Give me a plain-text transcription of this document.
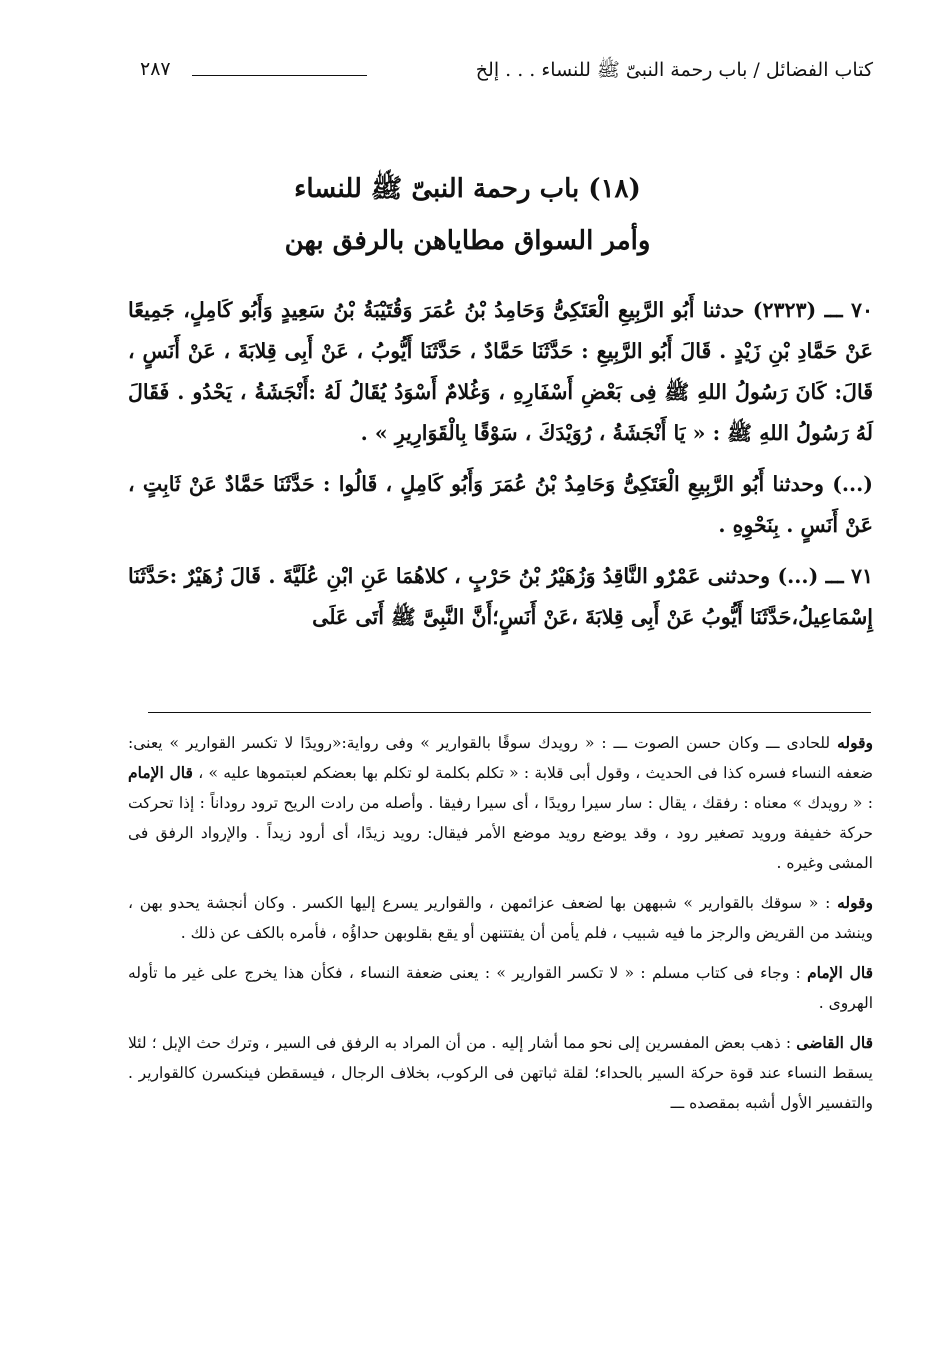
كتاب الفضائل / باب رحمة النبىّ ﷺ للنساء . . . إلخ
٢٨٧
(١٨) باب رحمة النبىّ ﷺ للنساء
وأمر السواق مطاياهن بالرفق بهن

٧٠ ـــ (٢٣٢٣) حدثنا أَبُو الرَّبِيعِ الْعَتَكِىُّ وَحَامِدُ بْنُ عُمَرَ وَقُتَيْبَةُ بْنُ سَعِيدٍ وَأَبُو كَامِلٍ، جَمِيعًا عَنْ حَمَّادِ بْنِ زَيْدٍ . قَالَ أَبُو الرَّبِيعِ : حَدَّثَنَا حَمَّادٌ ، حَدَّثَنَا أَيُّوبُ ، عَنْ أَبِى قِلابَةَ ، عَنْ أَنَسٍ ، قَالَ: كَانَ رَسُولُ اللهِ ﷺ فِى بَعْضِ أَسْفَارِهِ ، وَغُلامٌ أَسْوَدُ يُقَالُ لَهُ :أَنْجَشَةُ ، يَحْدُو . فَقَالَ لَهُ رَسُولُ اللهِ ﷺ : « يَا أَنْجَشَةُ ، رُوَيْدَكَ ، سَوْقًا بِالْقَوَارِيرِ » .

(...) وحدثنا أَبُو الرَّبِيعِ الْعَتَكِىُّ وَحَامِدُ بْنُ عُمَرَ وَأَبُو كَامِلٍ ، قَالُوا : حَدَّثَنَا حَمَّادٌ عَنْ ثَابِتٍ ، عَنْ أَنَسٍ . بِنَحْوِهِ .

٧١ ـــ (...) وحدثنى عَمْرٌو النَّاقِدُ وَزُهَيْرُ بْنُ حَرْبٍ ، كلاهُمَا عَنِ ابْنِ عُلَيَّةَ . قَالَ زُهَيْرٌ :حَدَّثَنَا إِسْمَاعِيلُ،حَدَّثَنَا أَيُّوبُ عَنْ أَبِى قِلابَةَ ،عَنْ أَنَسٍ؛أَنَّ النَّبِىَّ ﷺ أَتَى عَلَى

وقوله للحادى ـــ وكان حسن الصوت ـــ : « رويدك سوقًا بالقوارير » وفى رواية:«رويدًا لا تكسر القوارير » يعنى: ضعفه النساء فسره كذا فى الحديث ، وقول أبى قلابة : « تكلم بكلمة لو تكلم بها بعضكم لعبتموها عليه » ، قال الإمام : « رويدك » معناه : رفقك ، يقال : سار سيرا رويدًا ، أى سيرا رفيقا . وأصله من رادت الريح ترود روداناً : إذا تحركت حركة خفيفة ورويد تصغير رود ، وقد يوضع رويد موضع الأمر فيقال: رويد زيدًا، أى أرود زيداً . والإرواد الرفق فى المشى وغيره .

وقوله : « سوقك بالقوارير » شبههن بها لضعف عزائمهن ، والقوارير يسرع إليها الكسر . وكان أنجشة يحدو بهن ، وينشد من القريض والرجز ما فيه شبيب ، فلم يأمن أن يفتتنهن أو يقع بقلوبهن حداؤُه ، فأمره بالكف عن ذلك .

قال الإمام : وجاء فى كتاب مسلم : « لا تكسر القوارير » : يعنى ضعفة النساء ، فكأن هذا يخرج على غير ما تأوله الهروى .

قال القاضى : ذهب بعض المفسرين إلى نحو مما أشار إليه . من أن المراد به الرفق فى السير ، وترك حث الإبل ؛ لئلا يسقط النساء عند قوة حركة السير بالحداء؛ لقلة ثباتهن فى الركوب، بخلاف الرجال ، فيسقطن فينكسرن كالقوارير . والتفسير الأول أشبه بمقصده ـــ
